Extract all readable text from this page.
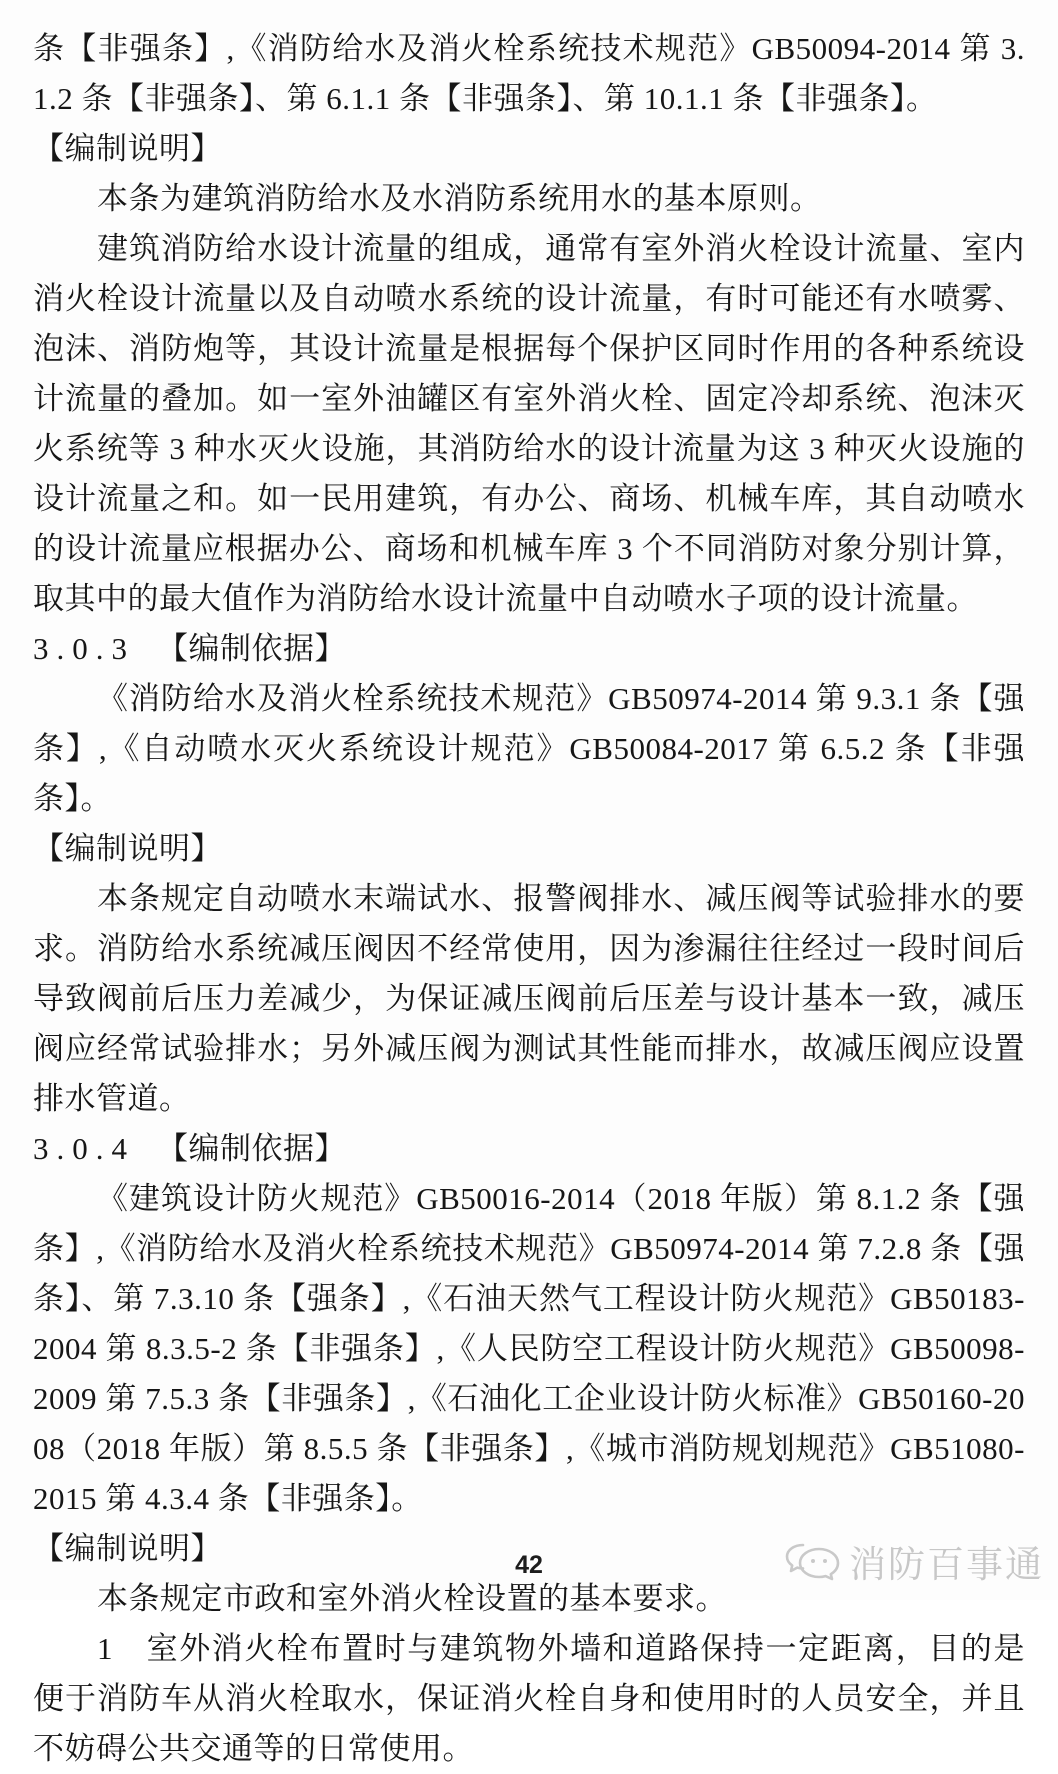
条【非强条】,《消防给水及消火栓系统技术规范》GB50094-2014 第 3.1.2 条【非强条】、第 6.1.1 条【非强条】、第 10.1.1 条【非强条】。

【编制说明】

本条为建筑消防给水及水消防系统用水的基本原则。

建筑消防给水设计流量的组成，通常有室外消火栓设计流量、室内消火栓设计流量以及自动喷水系统的设计流量，有时可能还有水喷雾、泡沫、消防炮等，其设计流量是根据每个保护区同时作用的各种系统设计流量的叠加。如一室外油罐区有室外消火栓、固定冷却系统、泡沫灭火系统等 3 种水灭火设施，其消防给水的设计流量为这 3 种灭火设施的设计流量之和。如一民用建筑，有办公、商场、机械车库，其自动喷水的设计流量应根据办公、商场和机械车库 3 个不同消防对象分别计算，取其中的最大值作为消防给水设计流量中自动喷水子项的设计流量。

3.0.3 【编制依据】

《消防给水及消火栓系统技术规范》GB50974-2014 第 9.3.1 条【强条】,《自动喷水灭火系统设计规范》GB50084-2017 第 6.5.2 条【非强条】。

【编制说明】

本条规定自动喷水末端试水、报警阀排水、减压阀等试验排水的要求。消防给水系统减压阀因不经常使用，因为渗漏往往经过一段时间后导致阀前后压力差减少，为保证减压阀前后压差与设计基本一致，减压阀应经常试验排水；另外减压阀为测试其性能而排水，故减压阀应设置排水管道。

3.0.4 【编制依据】

《建筑设计防火规范》GB50016-2014（2018 年版）第 8.1.2 条【强条】,《消防给水及消火栓系统技术规范》GB50974-2014 第 7.2.8 条【强条】、第 7.3.10 条【强条】,《石油天然气工程设计防火规范》GB50183-2004 第 8.3.5-2 条【非强条】,《人民防空工程设计防火规范》GB50098-2009 第 7.5.3 条【非强条】,《石油化工企业设计防火标准》GB50160-2008（2018 年版）第 8.5.5 条【非强条】,《城市消防规划规范》GB51080-2015 第 4.3.4 条【非强条】。

【编制说明】

本条规定市政和室外消火栓设置的基本要求。

1　室外消火栓布置时与建筑物外墙和道路保持一定距离，目的是便于消防车从消火栓取水，保证消火栓自身和使用时的人员安全，并且不妨碍公共交通等的日常使用。

消防百事通
42
